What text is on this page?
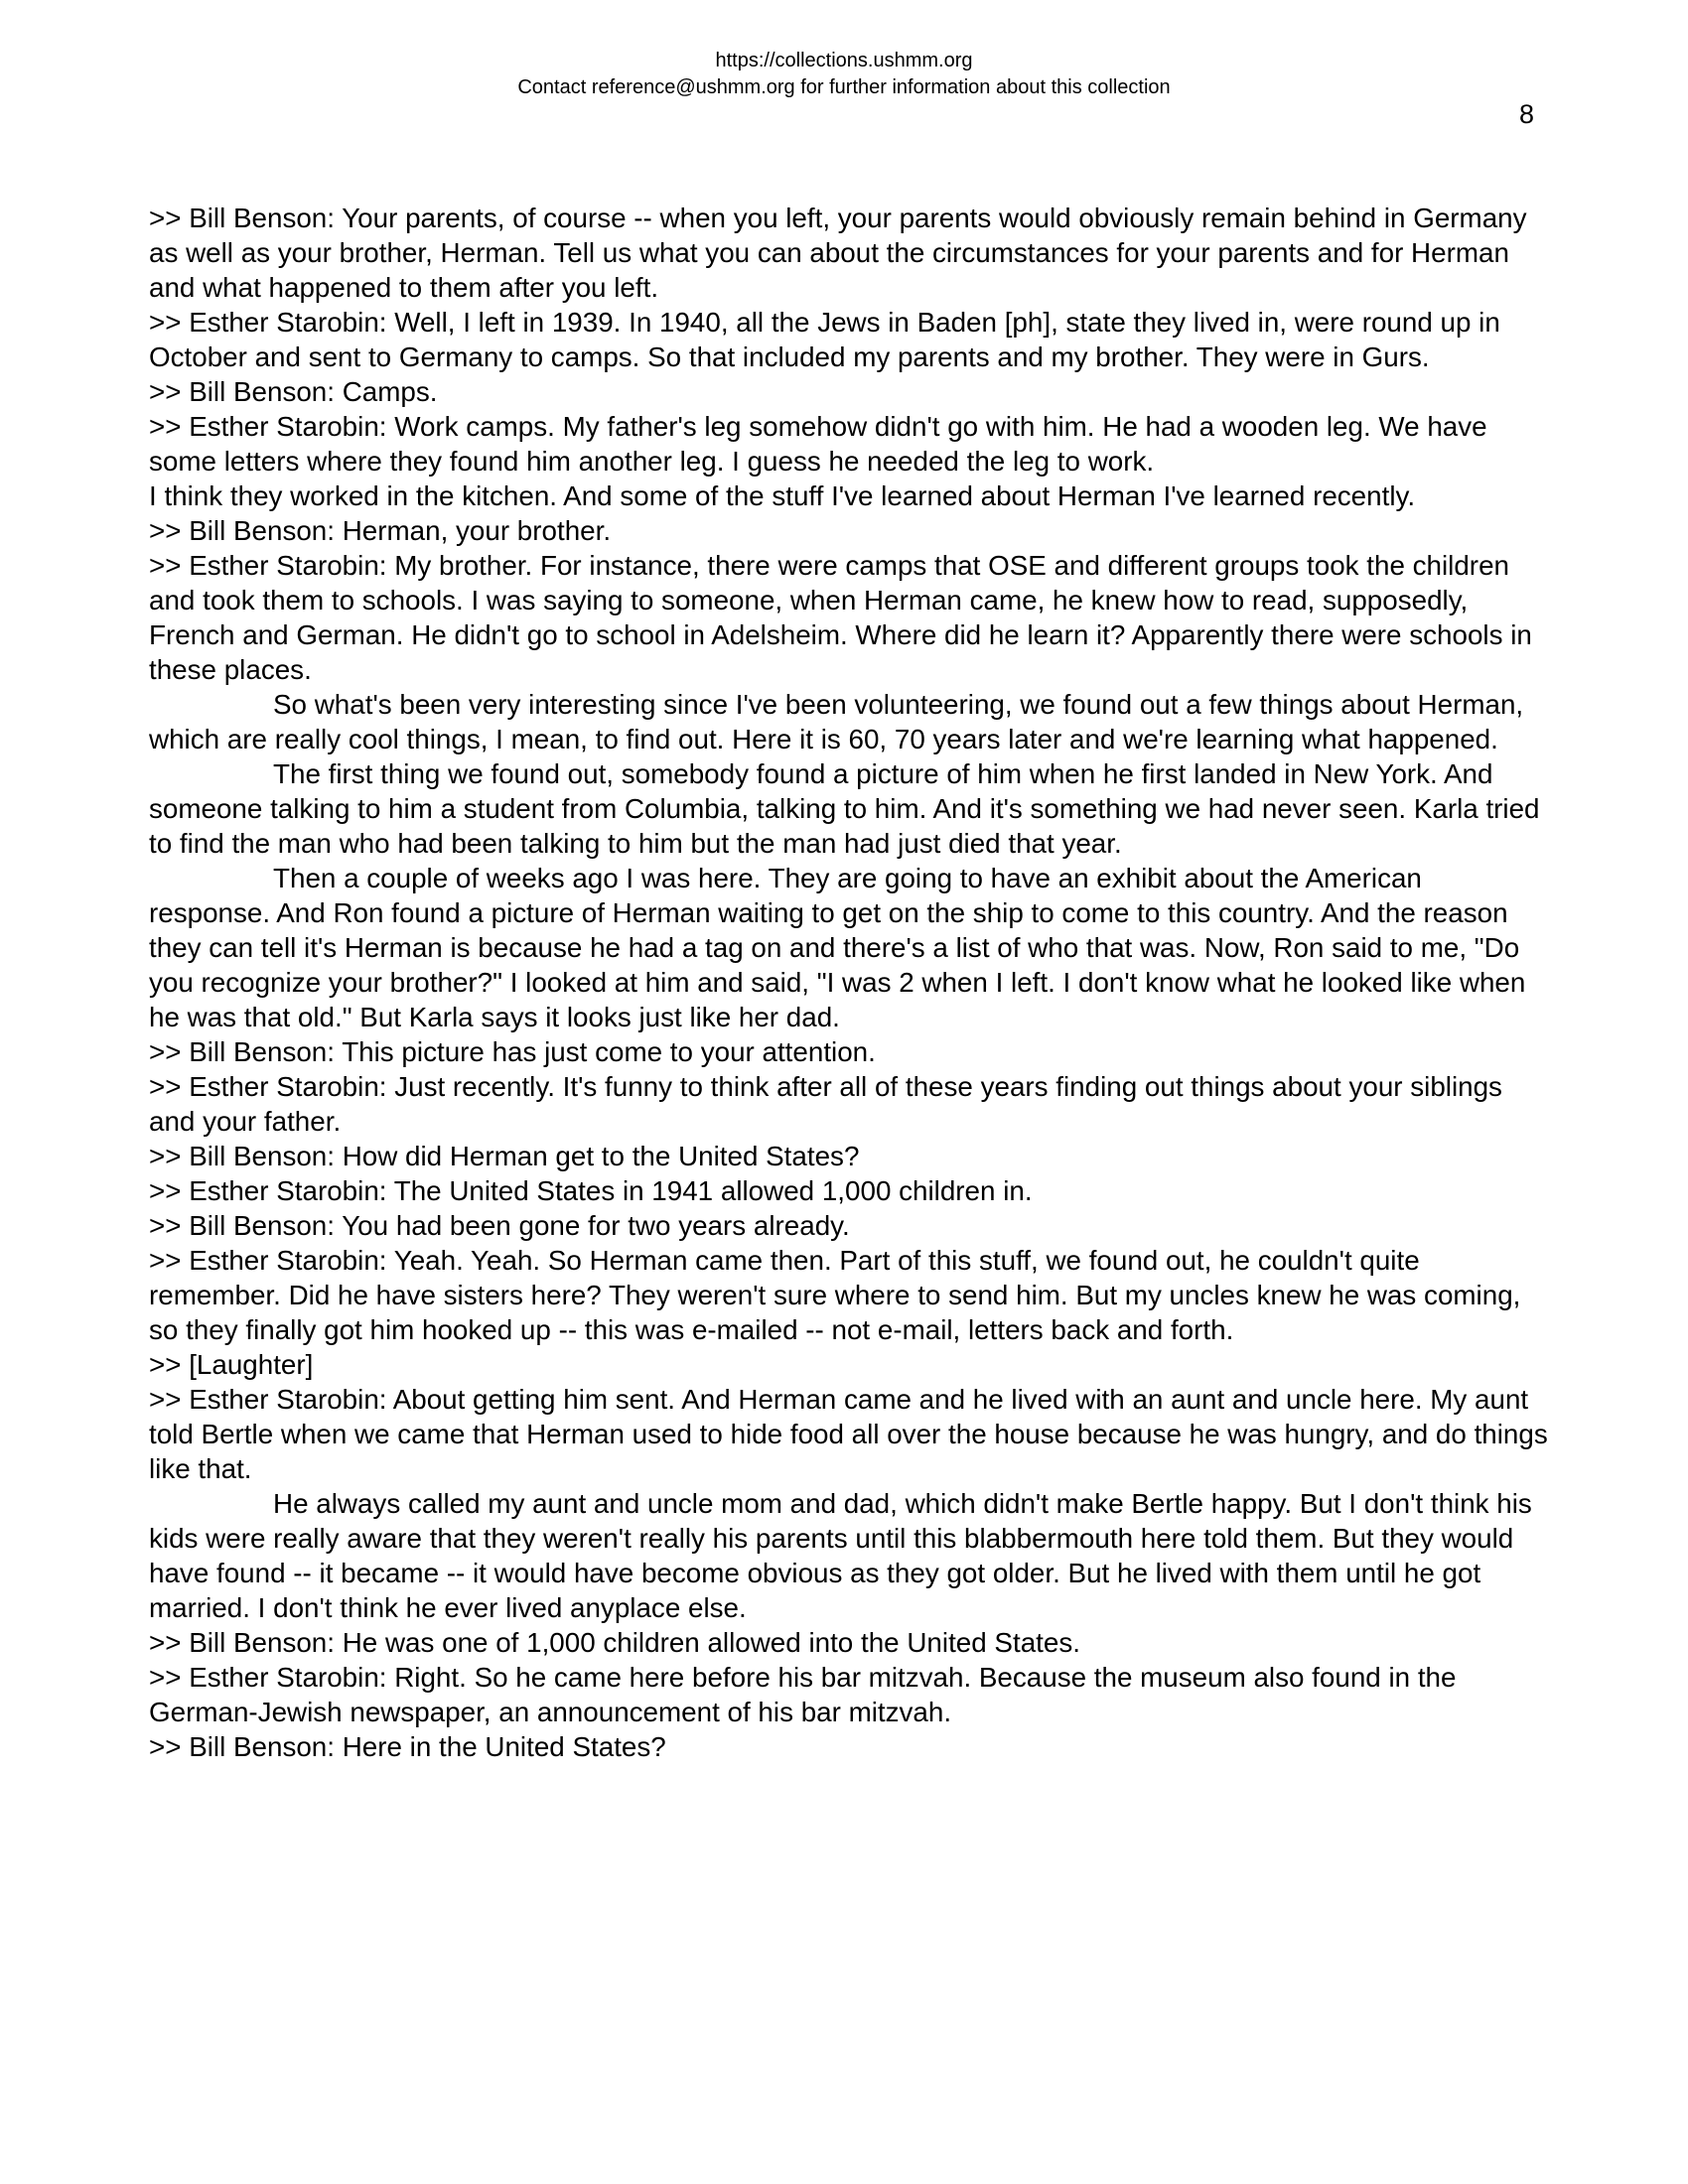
https://collections.ushmm.org
Contact reference@ushmm.org for further information about this collection
8

>> Bill Benson: Your parents, of course -- when you left, your parents would obviously remain behind in Germany as well as your brother, Herman. Tell us what you can about the circumstances for your parents and for Herman and what happened to them after you left.

>> Esther Starobin: Well, I left in 1939. In 1940, all the Jews in Baden [ph], state they lived in, were round up in October and sent to Germany to camps. So that included my parents and my brother. They were in Gurs.

>> Bill Benson: Camps.

>> Esther Starobin: Work camps. My father's leg somehow didn't go with him. He had a wooden leg. We have some letters where they found him another leg. I guess he needed the leg to work.

I think they worked in the kitchen. And some of the stuff I've learned about Herman I've learned recently.

>> Bill Benson: Herman, your brother.

>> Esther Starobin: My brother. For instance, there were camps that OSE and different groups took the children and took them to schools. I was saying to someone, when Herman came, he knew how to read, supposedly, French and German. He didn't go to school in Adelsheim. Where did he learn it? Apparently there were schools in these places.

So what's been very interesting since I've been volunteering, we found out a few things about Herman, which are really cool things, I mean, to find out. Here it is 60, 70 years later and we're learning what happened.

The first thing we found out, somebody found a picture of him when he first landed in New York. And someone talking to him a student from Columbia, talking to him. And it's something we had never seen. Karla tried to find the man who had been talking to him but the man had just died that year.

Then a couple of weeks ago I was here. They are going to have an exhibit about the American response. And Ron found a picture of Herman waiting to get on the ship to come to this country. And the reason they can tell it's Herman is because he had a tag on and there's a list of who that was. Now, Ron said to me, "Do you recognize your brother?" I looked at him and said, "I was 2 when I left. I don't know what he looked like when he was that old." But Karla says it looks just like her dad.

>> Bill Benson: This picture has just come to your attention.

>> Esther Starobin: Just recently. It's funny to think after all of these years finding out things about your siblings and your father.

>> Bill Benson: How did Herman get to the United States?

>> Esther Starobin: The United States in 1941 allowed 1,000 children in.

>> Bill Benson: You had been gone for two years already.

>> Esther Starobin: Yeah. Yeah. So Herman came then. Part of this stuff, we found out, he couldn't quite remember. Did he have sisters here? They weren't sure where to send him. But my uncles knew he was coming, so they finally got him hooked up -- this was e-mailed -- not e-mail, letters back and forth.

>> [Laughter]

>> Esther Starobin: About getting him sent. And Herman came and he lived with an aunt and uncle here. My aunt told Bertle when we came that Herman used to hide food all over the house because he was hungry, and do things like that.

He always called my aunt and uncle mom and dad, which didn't make Bertle happy. But I don't think his kids were really aware that they weren't really his parents until this blabbermouth here told them. But they would have found -- it became -- it would have become obvious as they got older. But he lived with them until he got married. I don't think he ever lived anyplace else.

>> Bill Benson: He was one of 1,000 children allowed into the United States.

>> Esther Starobin: Right. So he came here before his bar mitzvah. Because the museum also found in the German-Jewish newspaper, an announcement of his bar mitzvah.

>> Bill Benson: Here in the United States?
